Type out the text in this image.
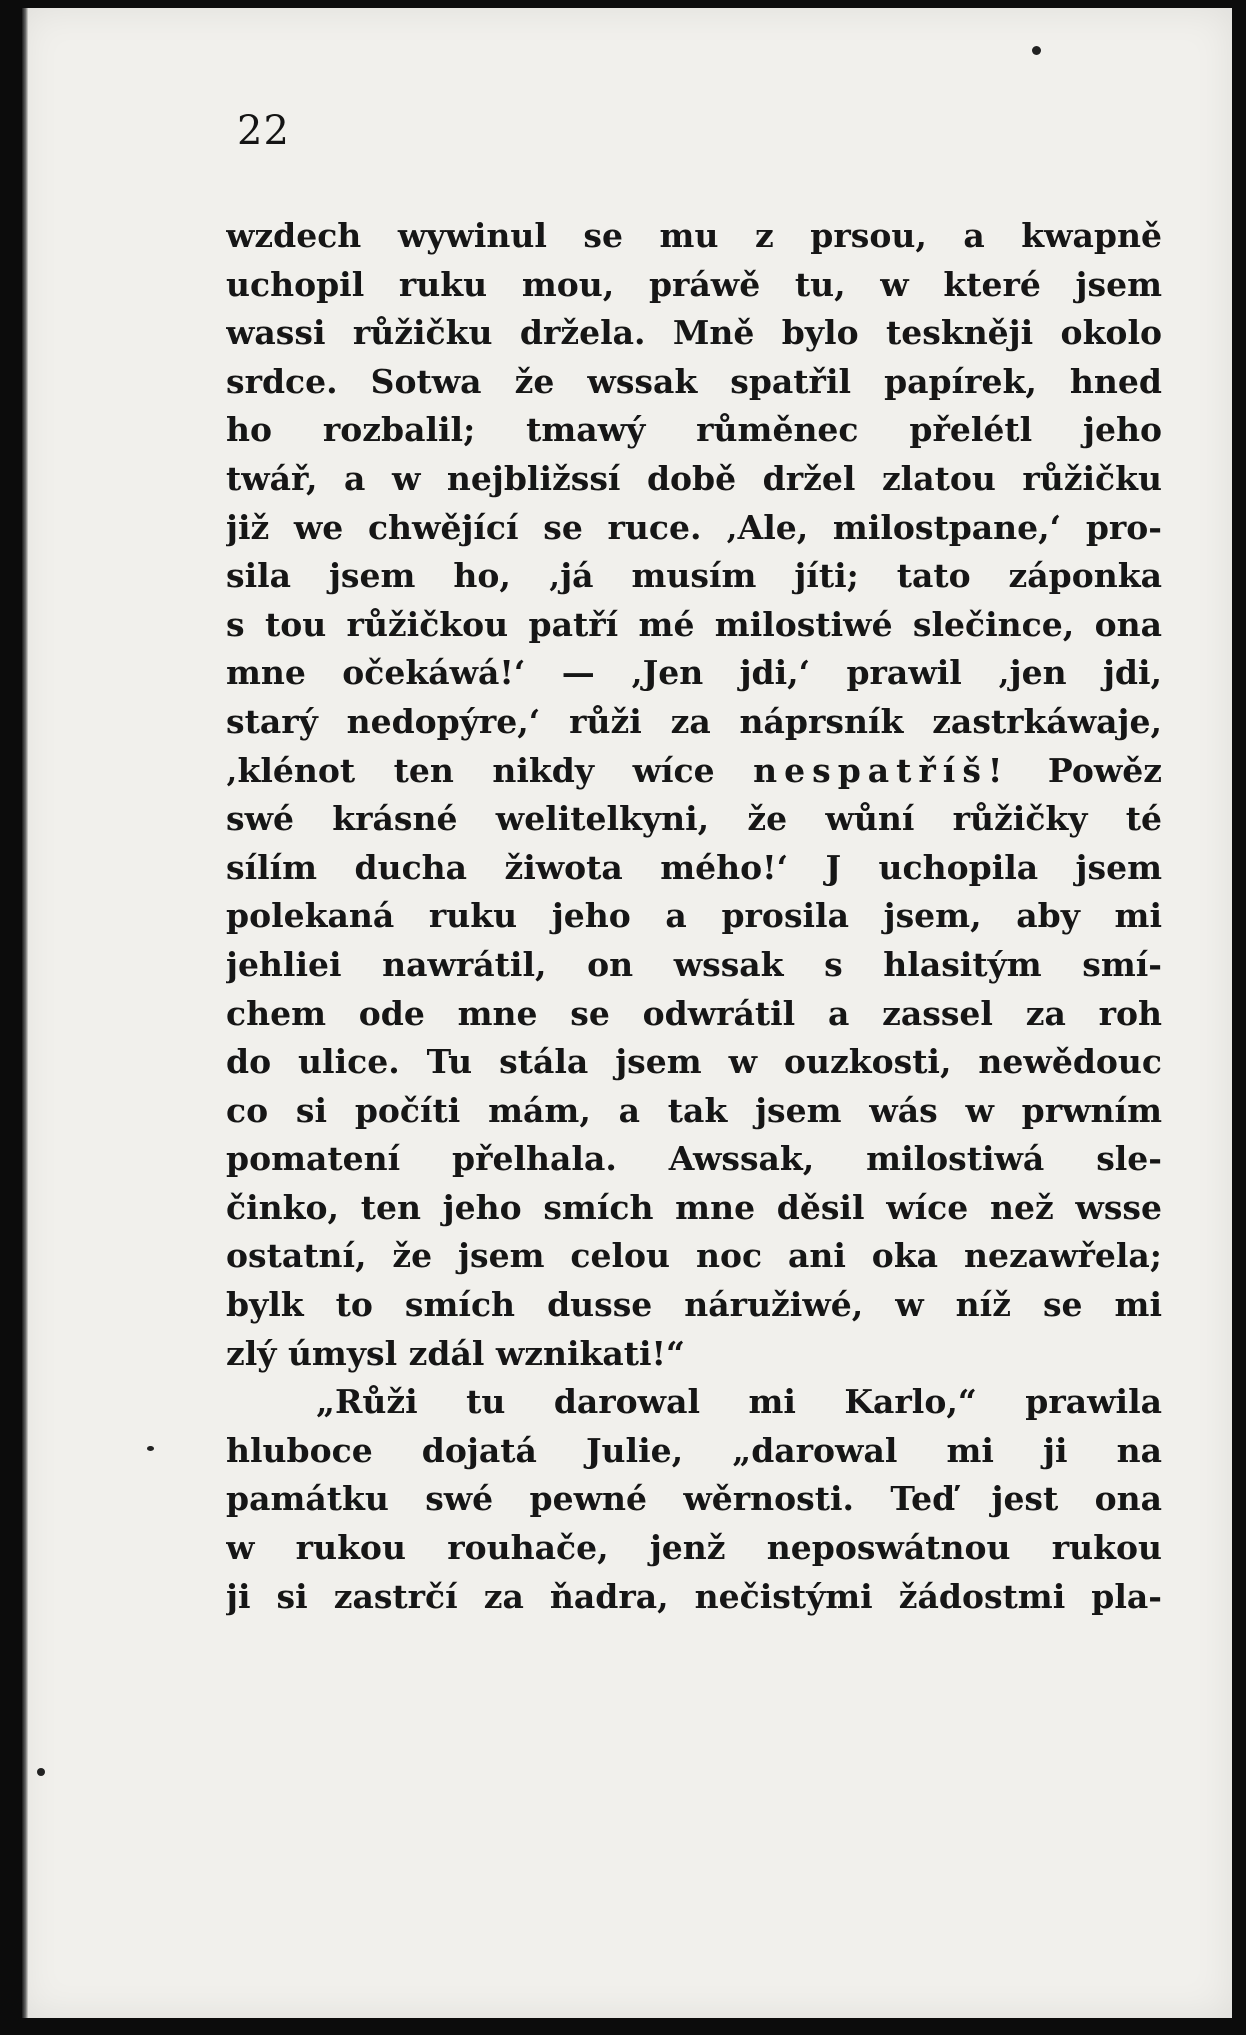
22
wzdech wywinul se mu z prsou, a kwapně
uchopil ruku mou, práwě tu, w které jsem
wassi růžičku držela. Mně bylo teskněji okolo
srdce. Sotwa že wssak spatřil papírek, hned
ho rozbalil; tmawý růměnec přelétl jeho
twář, a w nejbližssí době držel zlatou růžičku
již we chwějící se ruce. ‚Ale, milostpane,‘ pro-
sila jsem ho, ‚já musím jíti; tato záponka
s tou růžičkou patří mé milostiwé slečince, ona
mne očekáwá!‘ — ‚Jen jdi,‘ prawil ‚jen jdi,
starý nedopýre,‘ růži za náprsník zastrkáwaje,
‚klénot ten nikdy wíce nespatříš! Powěz
swé krásné welitelkyni, že wůní růžičky té
sílím ducha žiwota mého!‘ J uchopila jsem
polekaná ruku jeho a prosila jsem, aby mi
jehliei nawrátil, on wssak s hlasitým smí-
chem ode mne se odwrátil a zassel za roh
do ulice. Tu stála jsem w ouzkosti, newědouc
co si počíti mám, a tak jsem wás w prwním
pomatení přelhala. Awssak, milostiwá sle-
činko, ten jeho smích mne děsil wíce než wsse
ostatní, že jsem celou noc ani oka nezawřela;
bylk to smích dusse náružiwé, w níž se mi
zlý úmysl zdál wznikati!“
„Růži tu darowal mi Karlo,“ prawila
hluboce dojatá Julie, „darowal mi ji na
památku swé pewné wěrnosti. Teď jest ona
w rukou rouhače, jenž neposwátnou rukou
ji si zastrčí za ňadra, nečistými žádostmi pla-
